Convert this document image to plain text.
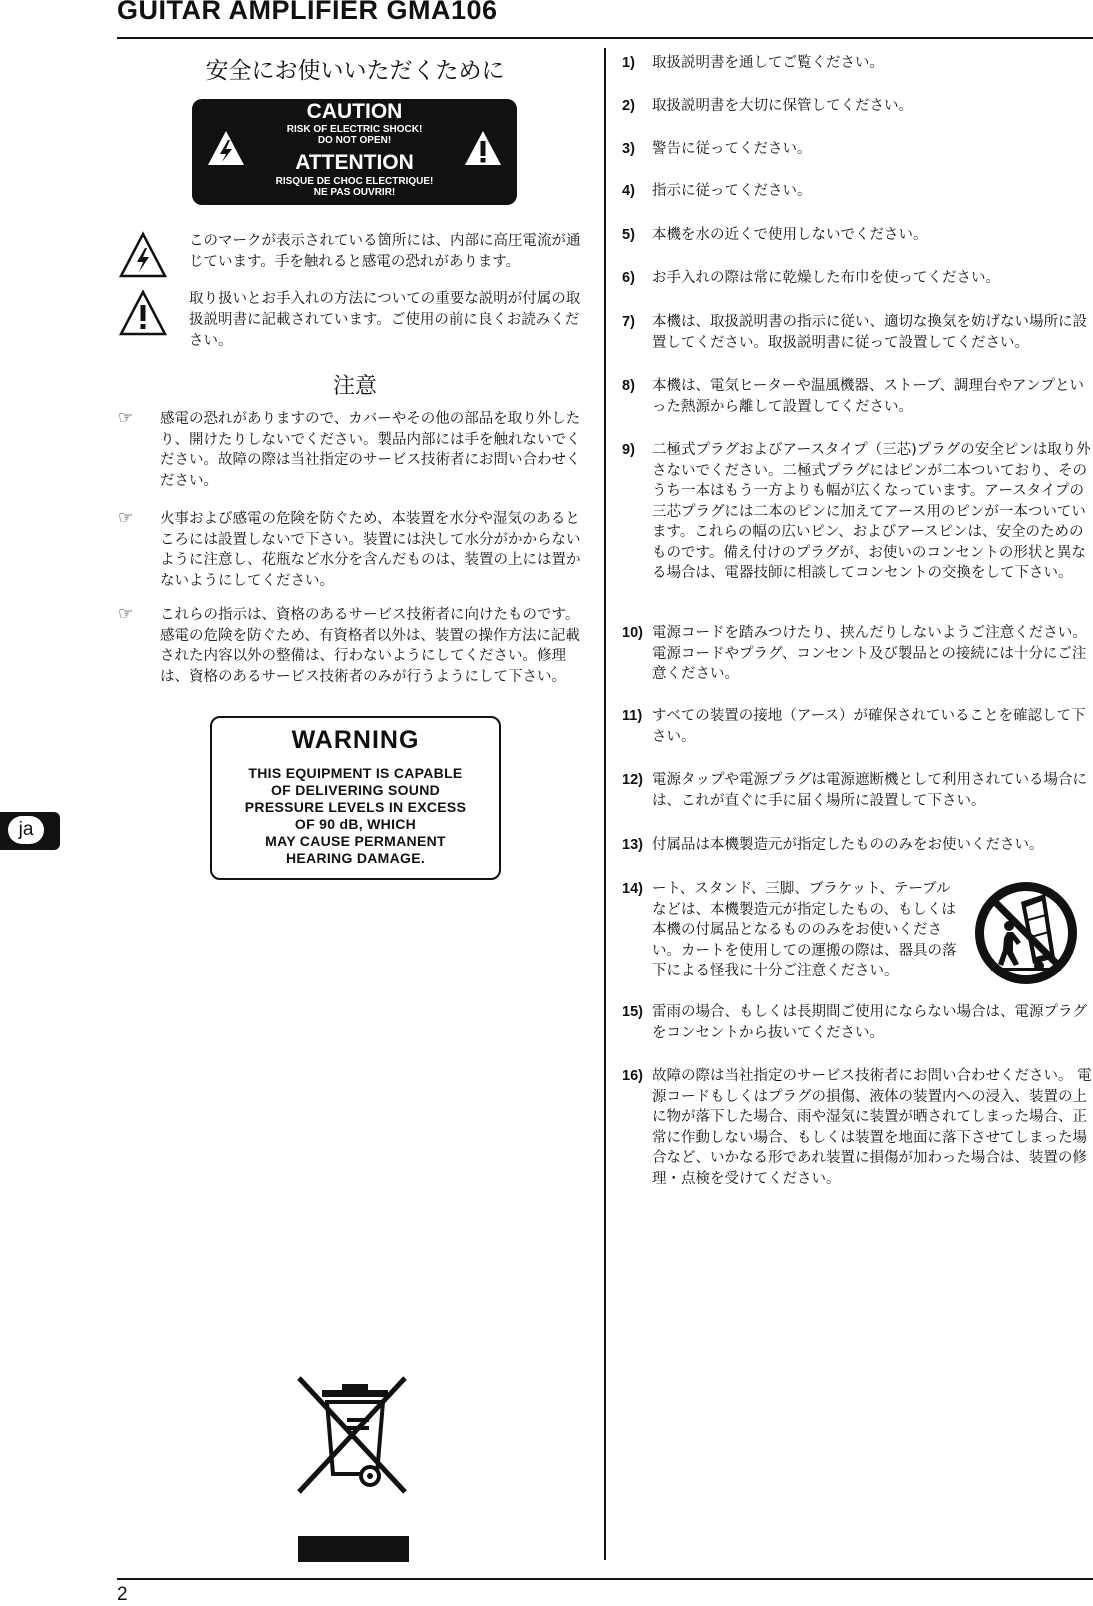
GUITAR AMPLIFIER GMA106
2
ja
安全にお使いいただくために
CAUTION
RISK OF ELECTRIC SHOCK!
DO NOT OPEN!
ATTENTION
RISQUE DE CHOC ELECTRIQUE!
NE PAS OUVRIR!

このマークが表示されている箇所には、内部に高圧電流が通じています。手を触れると感電の恐れがあります。

取り扱いとお手入れの方法についての重要な説明が付属の取扱説明書に記載されています。ご使用の前に良くお読みください。

注意
☞ 感電の恐れがありますので、カバーやその他の部品を取り外したり、開けたりしないでください。製品内部には手を触れないでください。故障の際は当社指定のサービス技術者にお問い合わせください。

☞ 火事および感電の危険を防ぐため、本装置を水分や湿気のあるところには設置しないで下さい。装置には決して水分がかからないように注意し、花瓶など水分を含んだものは、装置の上には置かないようにしてください。

☞ これらの指示は、資格のあるサービス技術者に向けたものです。感電の危険を防ぐため、有資格者以外は、装置の操作方法に記載された内容以外の整備は、行わないようにしてください。修理は、資格のあるサービス技術者のみが行うようにして下さい。

WARNING
THIS EQUIPMENT IS CAPABLE
OF DELIVERING SOUND
PRESSURE LEVELS IN EXCESS
OF 90 dB, WHICH
MAY CAUSE PERMANENT
HEARING DAMAGE.
1) 取扱説明書を通してご覧ください。

2) 取扱説明書を大切に保管してください。

3) 警告に従ってください。

4) 指示に従ってください。

5) 本機を水の近くで使用しないでください。

6) お手入れの際は常に乾燥した布巾を使ってください。

7) 本機は、取扱説明書の指示に従い、適切な換気を妨げない場所に設置してください。取扱説明書に従って設置してください。

8) 本機は、電気ヒーターや温風機器、ストーブ、調理台やアンプといった熱源から離して設置してください。

9) 二極式プラグおよびアースタイプ（三芯)プラグの安全ピンは取り外さないでください。二極式プラグにはピンが二本ついており、そのうち一本はもう一方よりも幅が広くなっています。アースタイプの三芯プラグには二本のピンに加えてアース用のピンが一本ついています。これらの幅の広いピン、およびアースピンは、安全のためのものです。備え付けのプラグが、お使いのコンセントの形状と異なる場合は、電器技師に相談してコンセントの交換をして下さい。

10) 電源コードを踏みつけたり、挟んだりしないようご注意ください。電源コードやプラグ、コンセント及び製品との接続には十分にご注意ください。

11) すべての装置の接地（アース）が確保されていることを確認して下さい。

12) 電源タップや電源プラグは電源遮断機として利用されている場合には、これが直ぐに手に届く場所に設置して下さい。

13) 付属品は本機製造元が指定したもののみをお使いください。

14) ート、スタンド、三脚、ブラケット、テーブルなどは、本機製造元が指定したもの、もしくは本機の付属品となるもののみをお使いください。カートを使用しての運搬の際は、器具の落下による怪我に十分ご注意ください。

15) 雷雨の場合、もしくは長期間ご使用にならない場合は、電源プラグをコンセントから抜いてください。

16) 故障の際は当社指定のサービス技術者にお問い合わせください。 電源コードもしくはプラグの損傷、液体の装置内への浸入、装置の上に物が落下した場合、雨や湿気に装置が晒されてしまった場合、正常に作動しない場合、もしくは装置を地面に落下させてしまった場合など、いかなる形であれ装置に損傷が加わった場合は、装置の修理・点検を受けてください。
